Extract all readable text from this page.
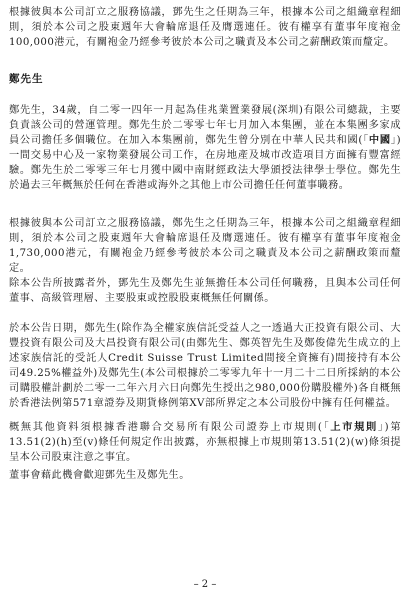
根據彼與本公司訂立之服務協議，鄧先生之任期為三年，根據本公司之組織章程細則，須於本公司之股東週年大會輪席退任及膺選連任。彼有權享有董事年度袍金100,000港元，有關袍金乃經參考彼於本公司之職責及本公司之薪酬政策而釐定。

鄭先生

鄭先生，34歲，自二零一四年一月起為佳兆業置業發展(深圳)有限公司總裁，主要負責該公司的營運管理。鄭先生於二零零七年七月加入本集團，並在本集團多家成員公司擔任多個職位。在加入本集團前，鄭先生曾分別在中華人民共和國(「中國」)一間交易中心及一家物業發展公司工作，在房地產及城市改造項目方面擁有豐富經驗。鄭先生於二零零三年七月獲中國中南財經政法大學頒授法律學士學位。鄭先生於過去三年概無於任何在香港或海外之其他上市公司擔任任何董事職務。

根據彼與本公司訂立之服務協議，鄭先生之任期為三年，根據本公司之組織章程細則，須於本公司之股東週年大會輪席退任及膺選連任。彼有權享有董事年度袍金1,730,000港元，有關袍金乃經參考彼於本公司之職責及本公司之薪酬政策而釐定。

除本公告所披露者外，鄧先生及鄭先生並無擔任本公司任何職務，且與本公司任何董事、高級管理層、主要股東或控股股東概無任何關係。

於本公告日期，鄭先生(除作為全權家族信託受益人之一透過大正投資有限公司、大豐投資有限公司及大昌投資有限公司(由鄭先生、鄭英智先生及鄭俊偉先生成立的上述家族信託的受託人Credit Suisse Trust Limited間接全資擁有)間接持有本公司49.25%權益外)及鄭先生(本公司根據於二零零九年十一月二十二日所採納的本公司購股權計劃於二零一二年六月六日向鄭先生授出之980,000份購股權外)各自概無於香港法例第571章證券及期貨條例第XV部所界定之本公司股份中擁有任何權益。

概無其他資料須根據香港聯合交易所有限公司證券上市規則(「上市規則」)第13.51(2)(h)至(v)條任何規定作出披露，亦無根據上市規則第13.51(2)(w)條須提呈本公司股東注意之事宜。

董事會藉此機會歡迎鄧先生及鄭先生。

– 2 –
